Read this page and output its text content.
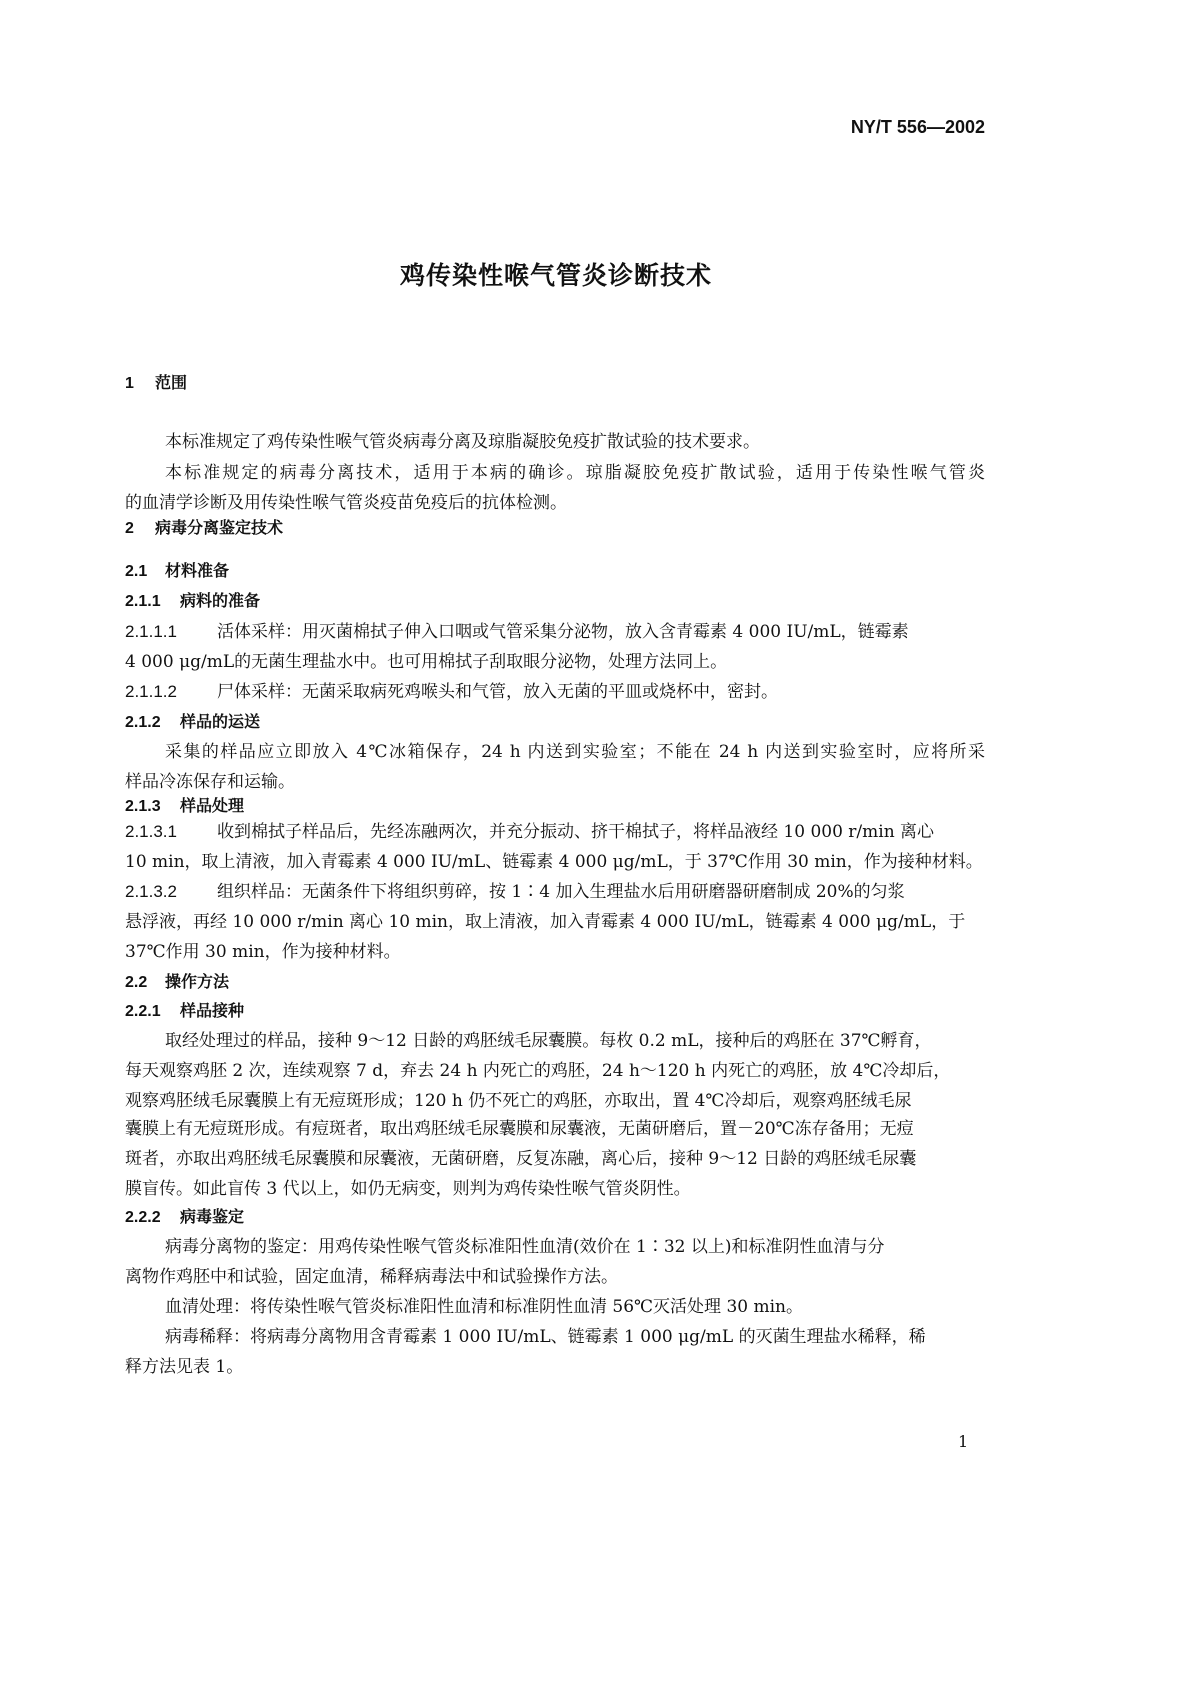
NY/T 556—2002
鸡传染性喉气管炎诊断技术
1 范围
本标准规定了鸡传染性喉气管炎病毒分离及琼脂凝胶免疫扩散试验的技术要求。
本标准规定的病毒分离技术，适用于本病的确诊。琼脂凝胶免疫扩散试验，适用于传染性喉气管炎
的血清学诊断及用传染性喉气管炎疫苗免疫后的抗体检测。
2 病毒分离鉴定技术
2.1 材料准备
2.1.1 病料的准备
2.1.1.1 活体采样：用灭菌棉拭子伸入口咽或气管采集分泌物，放入含青霉素 4 000 IU/mL，链霉素
4 000 μg/mL的无菌生理盐水中。也可用棉拭子刮取眼分泌物，处理方法同上。
2.1.1.2 尸体采样：无菌采取病死鸡喉头和气管，放入无菌的平皿或烧杯中，密封。
2.1.2 样品的运送
采集的样品应立即放入 4℃冰箱保存，24 h 内送到实验室；不能在 24 h 内送到实验室时，应将所采
样品冷冻保存和运输。
2.1.3 样品处理
2.1.3.1 收到棉拭子样品后，先经冻融两次，并充分振动、挤干棉拭子，将样品液经 10 000 r/min 离心
10 min，取上清液，加入青霉素 4 000 IU/mL、链霉素 4 000 μg/mL，于 37℃作用 30 min，作为接种材料。
2.1.3.2 组织样品：无菌条件下将组织剪碎，按 1∶4 加入生理盐水后用研磨器研磨制成 20%的匀浆
悬浮液，再经 10 000 r/min 离心 10 min，取上清液，加入青霉素 4 000 IU/mL，链霉素 4 000 μg/mL，于
37℃作用 30 min，作为接种材料。
2.2 操作方法
2.2.1 样品接种
取经处理过的样品，接种 9～12 日龄的鸡胚绒毛尿囊膜。每枚 0.2 mL，接种后的鸡胚在 37℃孵育，
每天观察鸡胚 2 次，连续观察 7 d，弃去 24 h 内死亡的鸡胚，24 h～120 h 内死亡的鸡胚，放 4℃冷却后，
观察鸡胚绒毛尿囊膜上有无痘斑形成；120 h 仍不死亡的鸡胚，亦取出，置 4℃冷却后，观察鸡胚绒毛尿
囊膜上有无痘斑形成。有痘斑者，取出鸡胚绒毛尿囊膜和尿囊液，无菌研磨后，置－20℃冻存备用；无痘
斑者，亦取出鸡胚绒毛尿囊膜和尿囊液，无菌研磨，反复冻融，离心后，接种 9～12 日龄的鸡胚绒毛尿囊
膜盲传。如此盲传 3 代以上，如仍无病变，则判为鸡传染性喉气管炎阴性。
2.2.2 病毒鉴定
病毒分离物的鉴定：用鸡传染性喉气管炎标准阳性血清(效价在 1∶32 以上)和标准阴性血清与分
离物作鸡胚中和试验，固定血清，稀释病毒法中和试验操作方法。
血清处理：将传染性喉气管炎标准阳性血清和标准阴性血清 56℃灭活处理 30 min。
病毒稀释：将病毒分离物用含青霉素 1 000 IU/mL、链霉素 1 000 μg/mL 的灭菌生理盐水稀释，稀
释方法见表 1。
1
